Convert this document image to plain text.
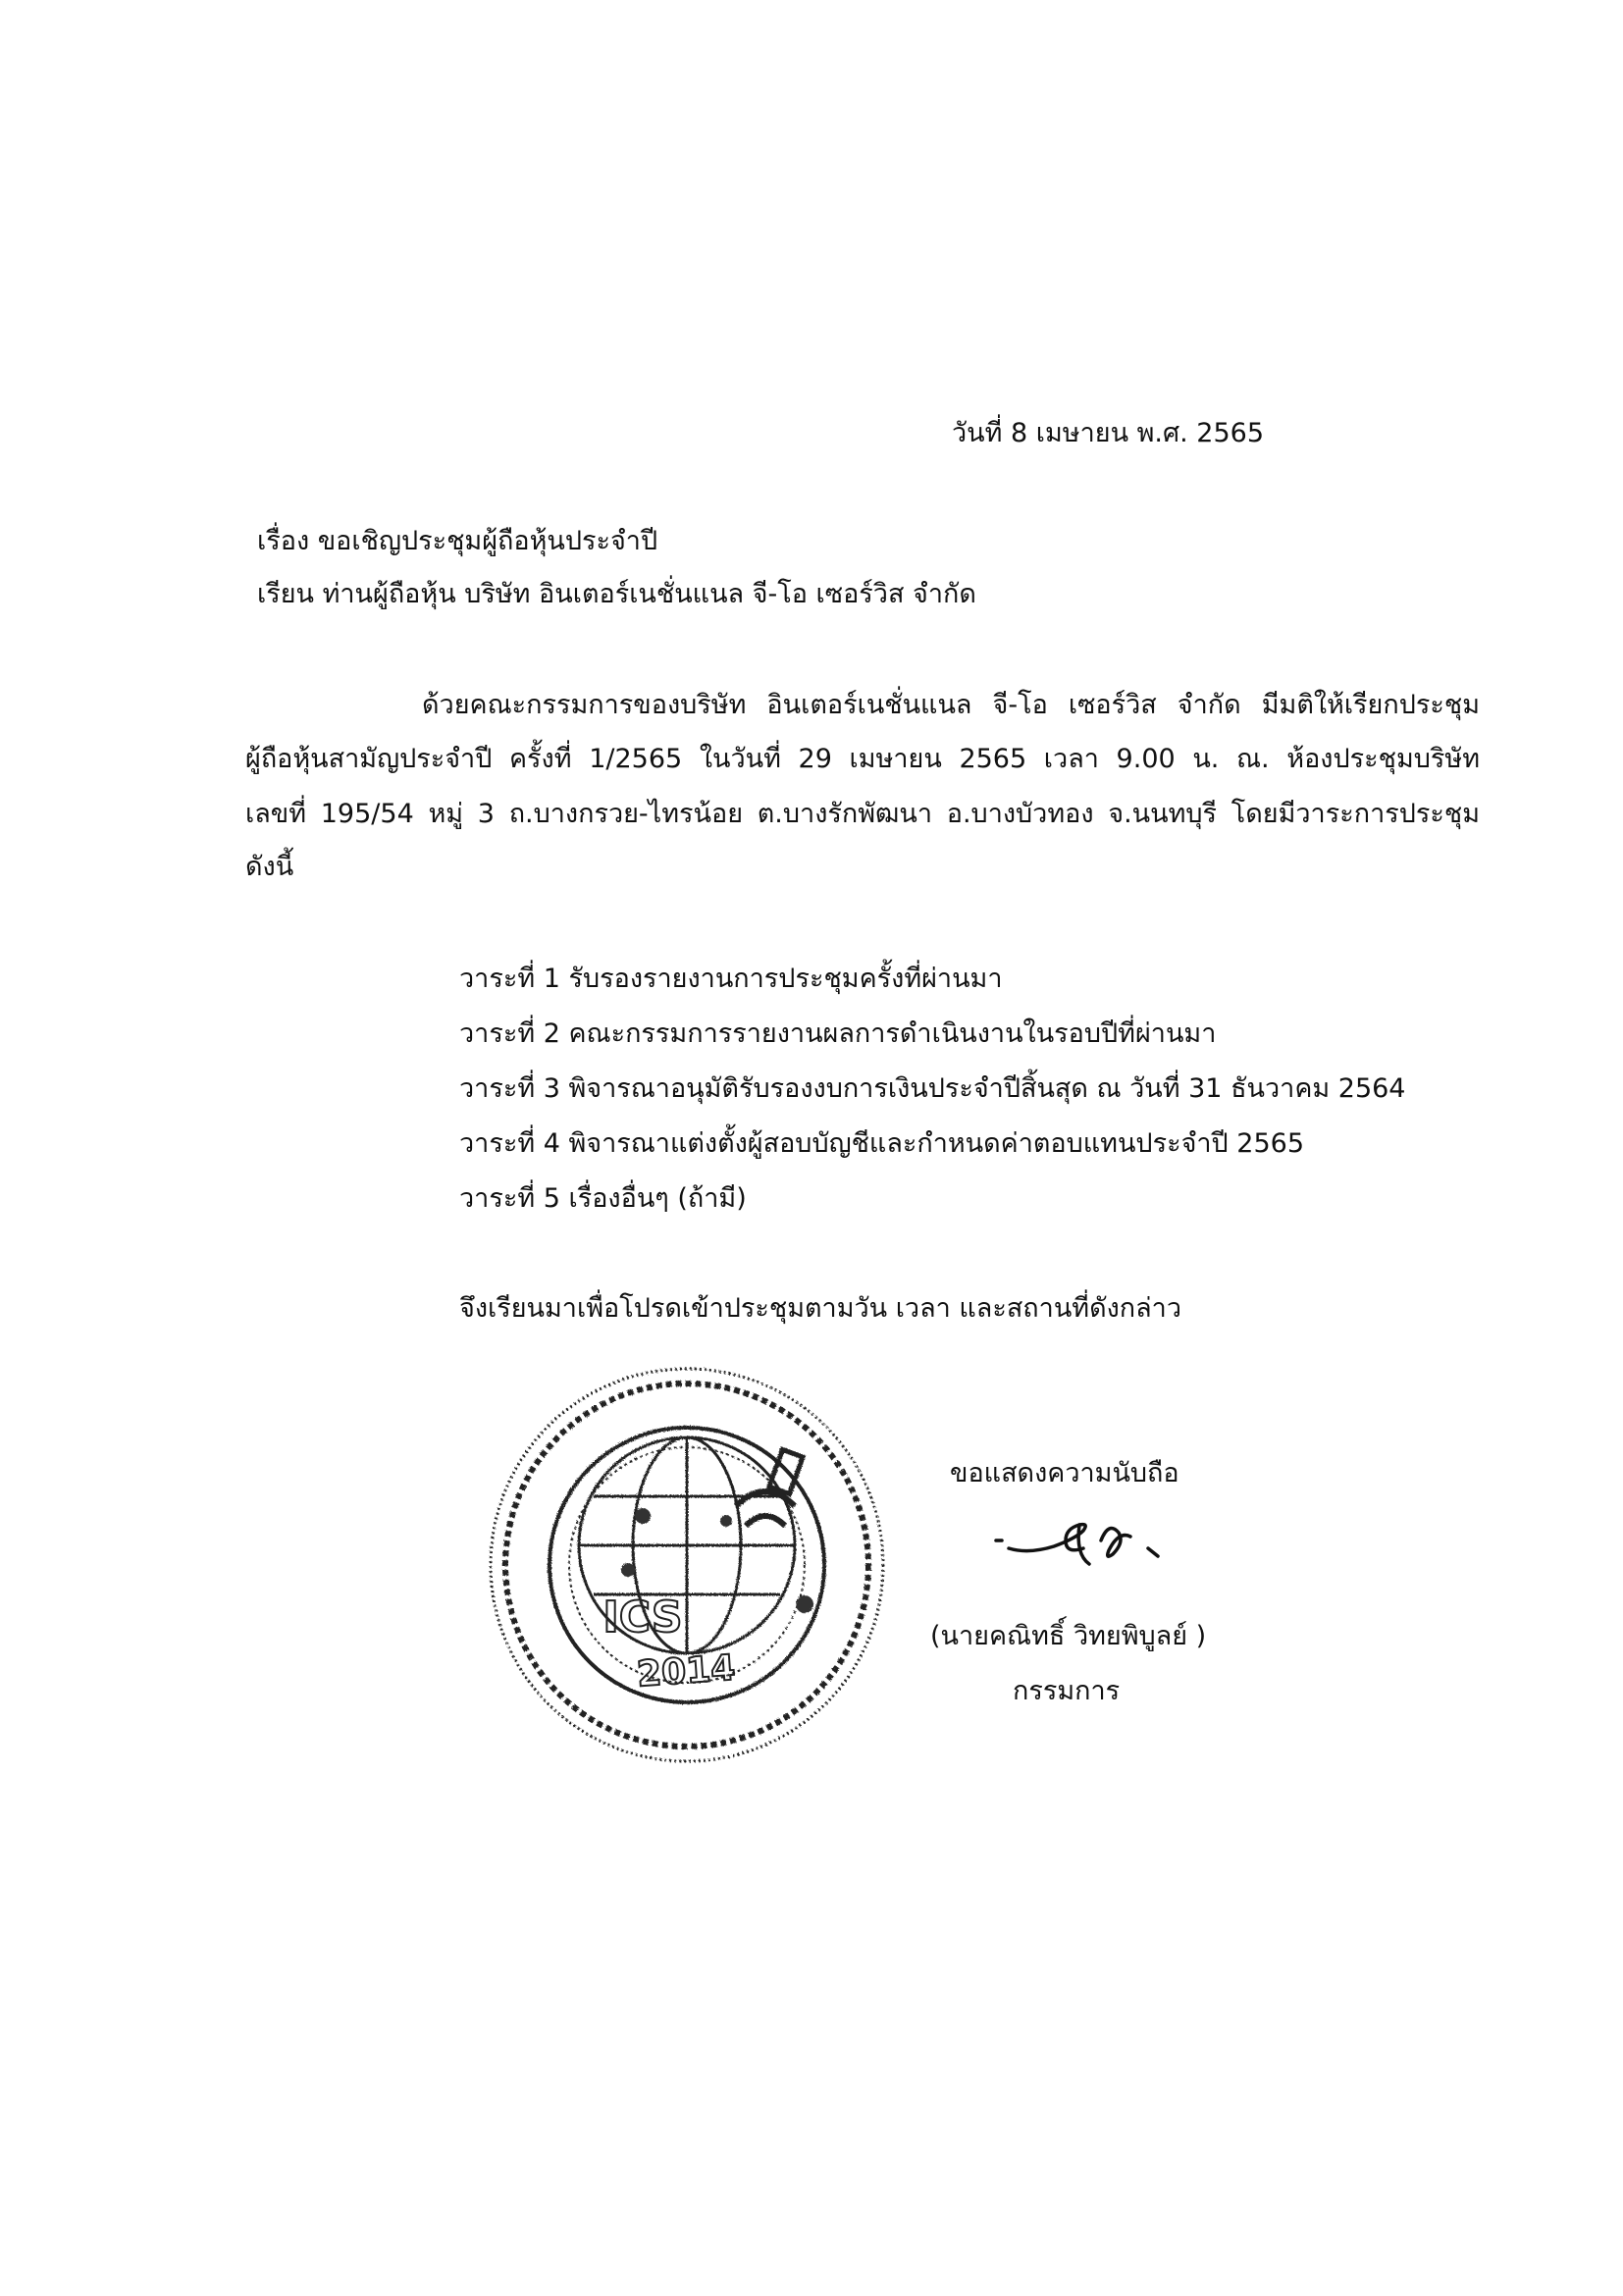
วันที่ 8 เมษายน พ.ศ. 2565
เรื่อง ขอเชิญประชุมผู้ถือหุ้นประจำปี
เรียน ท่านผู้ถือหุ้น บริษัท อินเตอร์เนชั่นแนล จี-โอ เซอร์วิส จำกัด
ด้วยคณะกรรมการของบริษัท อินเตอร์เนชั่นแนล จี-โอ เซอร์วิส จำกัด มีมติให้เรียกประชุม
ผู้ถือหุ้นสามัญประจำปี ครั้งที่ 1/2565 ในวันที่ 29 เมษายน 2565 เวลา 9.00 น. ณ. ห้องประชุมบริษัท
เลขที่ 195/54 หมู่ 3 ถ.บางกรวย-ไทรน้อย ต.บางรักพัฒนา อ.บางบัวทอง จ.นนทบุรี โดยมีวาระการประชุม
ดังนี้
วาระที่ 1 รับรองรายงานการประชุมครั้งที่ผ่านมา
วาระที่ 2 คณะกรรมการรายงานผลการดำเนินงานในรอบปีที่ผ่านมา
วาระที่ 3 พิจารณาอนุมัติรับรองงบการเงินประจำปีสิ้นสุด ณ วันที่ 31 ธันวาคม 2564
วาระที่ 4 พิจารณาแต่งตั้งผู้สอบบัญชีและกำหนดค่าตอบแทนประจำปี 2565
วาระที่ 5 เรื่องอื่นๆ (ถ้ามี)
จึงเรียนมาเพื่อโปรดเข้าประชุมตามวัน เวลา และสถานที่ดังกล่าว
ICS
2014
ขอแสดงความนับถือ
(นายคณิทธิ์ วิทยพิบูลย์ )
กรรมการ
